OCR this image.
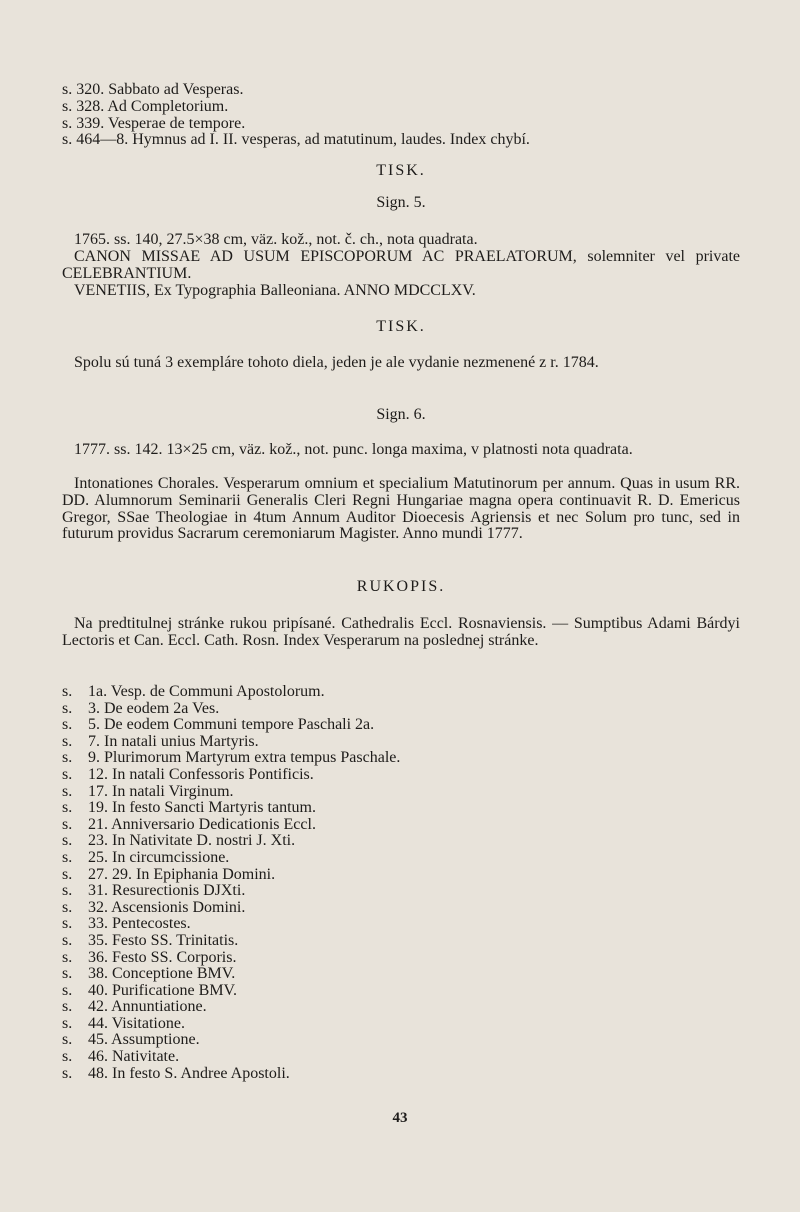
s. 320. Sabbato ad Vesperas.
s. 328. Ad Completorium.
s. 339. Vesperae de tempore.
s. 464—8. Hymnus ad I. II. vesperas, ad matutinum, laudes. Index chybí.
TISK.
Sign. 5.
1765. ss. 140, 27.5×38 cm, väz. kož., not. č. ch., nota quadrata.
CANON MISSAE AD USUM EPISCOPORUM AC PRAELATORUM, solemniter vel private CELEBRANTIUM.
VENETIIS, Ex Typographia Balleoniana. ANNO MDCCLXV.
TISK.
Spolu sú tuná 3 exempláre tohoto diela, jeden je ale vydanie nezmenené z r. 1784.
Sign. 6.
1777. ss. 142. 13×25 cm, väz. kož., not. punc. longa maxima, v platnosti nota quadrata.
Intonationes Chorales. Vesperarum omnium et specialium Matutinorum per annum. Quas in usum RR. DD. Alumnorum Seminarii Generalis Cleri Regni Hungariae magna opera continuavit R. D. Emericus Gregor, SSae Theologiae in 4tum Annum Auditor Dioecesis Agriensis et nec Solum pro tunc, sed in futurum providus Sacrarum ceremoniarum Magister. Anno mundi 1777.
RUKOPIS.
Na predtitulnej stránke rukou pripísané. Cathedralis Eccl. Rosnaviensis. — Sumptibus Adami Bárdyi Lectoris et Can. Eccl. Cath. Rosn. Index Vesperarum na poslednej stránke.
s. 1a. Vesp. de Communi Apostolorum.
s. 3. De eodem 2a Ves.
s. 5. De eodem Communi tempore Paschali 2a.
s. 7. In natali unius Martyris.
s. 9. Plurimorum Martyrum extra tempus Paschale.
s. 12. In natali Confessoris Pontificis.
s. 17. In natali Virginum.
s. 19. In festo Sancti Martyris tantum.
s. 21. Anniversario Dedicationis Eccl.
s. 23. In Nativitate D. nostri J. Xti.
s. 25. In circumcissione.
s. 27. 29. In Epiphania Domini.
s. 31. Resurectionis DJXti.
s. 32. Ascensionis Domini.
s. 33. Pentecostes.
s. 35. Festo SS. Trinitatis.
s. 36. Festo SS. Corporis.
s. 38. Conceptione BMV.
s. 40. Purificatione BMV.
s. 42. Annuntiatione.
s. 44. Visitatione.
s. 45. Assumptione.
s. 46. Nativitate.
s. 48. In festo S. Andree Apostoli.
43
